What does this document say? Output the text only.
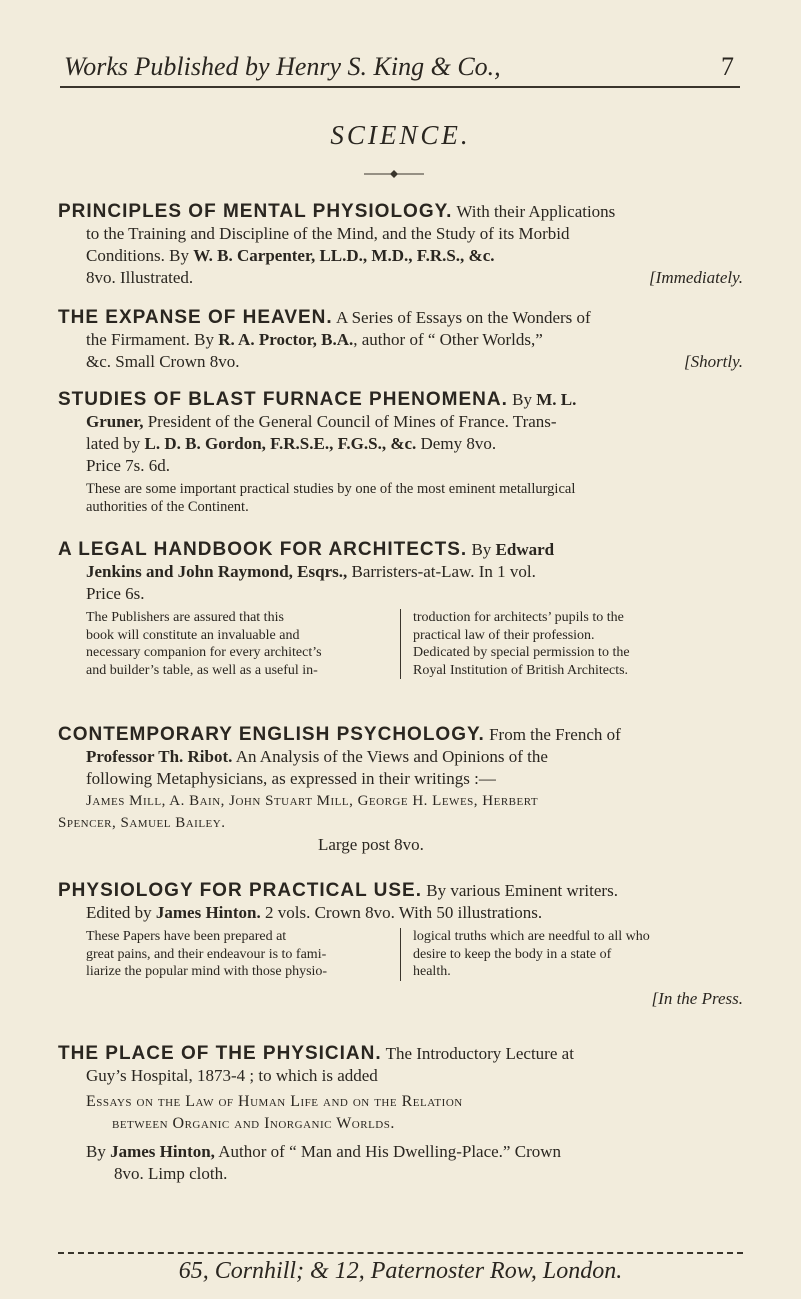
Works Published by Henry S. King & Co.,	7
SCIENCE.
PRINCIPLES OF MENTAL PHYSIOLOGY. With their Applications
to the Training and Discipline of the Mind, and the Study of its Morbid
Conditions. By W. B. Carpenter, LL.D., M.D., F.R.S., &c.
8vo. Illustrated.	[Immediately.
THE EXPANSE OF HEAVEN. A Series of Essays on the Wonders of
the Firmament. By R. A. Proctor, B.A., author of “ Other Worlds,”
&c. Small Crown 8vo.	[Shortly.
STUDIES OF BLAST FURNACE PHENOMENA. By M. L.
Gruner, President of the General Council of Mines of France. Trans-
lated by L. D. B. Gordon, F.R.S.E., F.G.S., &c. Demy 8vo.
Price 7s. 6d.
These are some important practical studies by one of the most eminent metallurgical
authorities of the Continent.
A LEGAL HANDBOOK FOR ARCHITECTS. By Edward
Jenkins and John Raymond, Esqrs., Barristers-at-Law. In 1 vol.
Price 6s.
The Publishers are assured that this
book will constitute an invaluable and
necessary companion for every architect’s
and builder’s table, as well as a useful in-
troduction for architects’ pupils to the
practical law of their profession.
Dedicated by special permission to the
Royal Institution of British Architects.
CONTEMPORARY ENGLISH PSYCHOLOGY. From the French of
Professor Th. Ribot. An Analysis of the Views and Opinions of the
following Metaphysicians, as expressed in their writings :—
James Mill, A. Bain, John Stuart Mill, George H. Lewes, Herbert
Spencer, Samuel Bailey.
Large post 8vo.
PHYSIOLOGY FOR PRACTICAL USE. By various Eminent writers.
Edited by James Hinton. 2 vols. Crown 8vo. With 50 illustrations.
These Papers have been prepared at
great pains, and their endeavour is to fami-
liarize the popular mind with those physio-
logical truths which are needful to all who
desire to keep the body in a state of
health.
[In the Press.
THE PLACE OF THE PHYSICIAN. The Introductory Lecture at
Guy’s Hospital, 1873-4 ; to which is added
Essays on the Law of Human Life and on the Relation
between Organic and Inorganic Worlds.
By James Hinton, Author of “ Man and His Dwelling-Place.” Crown
8vo. Limp cloth.
65, Cornhill; & 12, Paternoster Row, London.
